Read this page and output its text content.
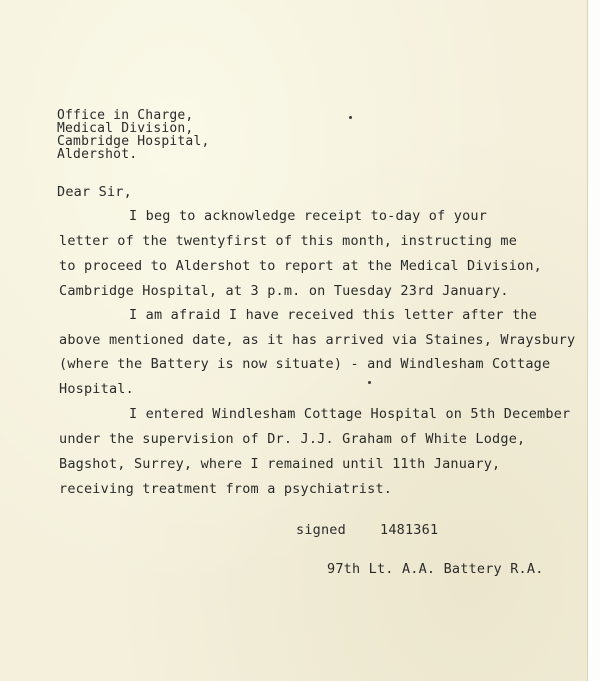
Office in Charge,
Medical Division,
Cambridge Hospital,
Aldershot.
Dear Sir,
I beg to acknowledge receipt to-day of your
letter of the twentyfirst of this month, instructing me
to proceed to Aldershot to report at the Medical Division,
Cambridge Hospital, at 3 p.m. on Tuesday 23rd January.
I am afraid I have received this letter after the
above mentioned date, as it has arrived via Staines, Wraysbury
(where the Battery is now situate) - and Windlesham Cottage
Hospital.
I entered Windlesham Cottage Hospital on 5th December
under the supervision of Dr. J.J. Graham of White Lodge,
Bagshot, Surrey, where I remained until 11th January,
receiving treatment from a psychiatrist.
signed	1481361
97th Lt. A.A. Battery R.A.
